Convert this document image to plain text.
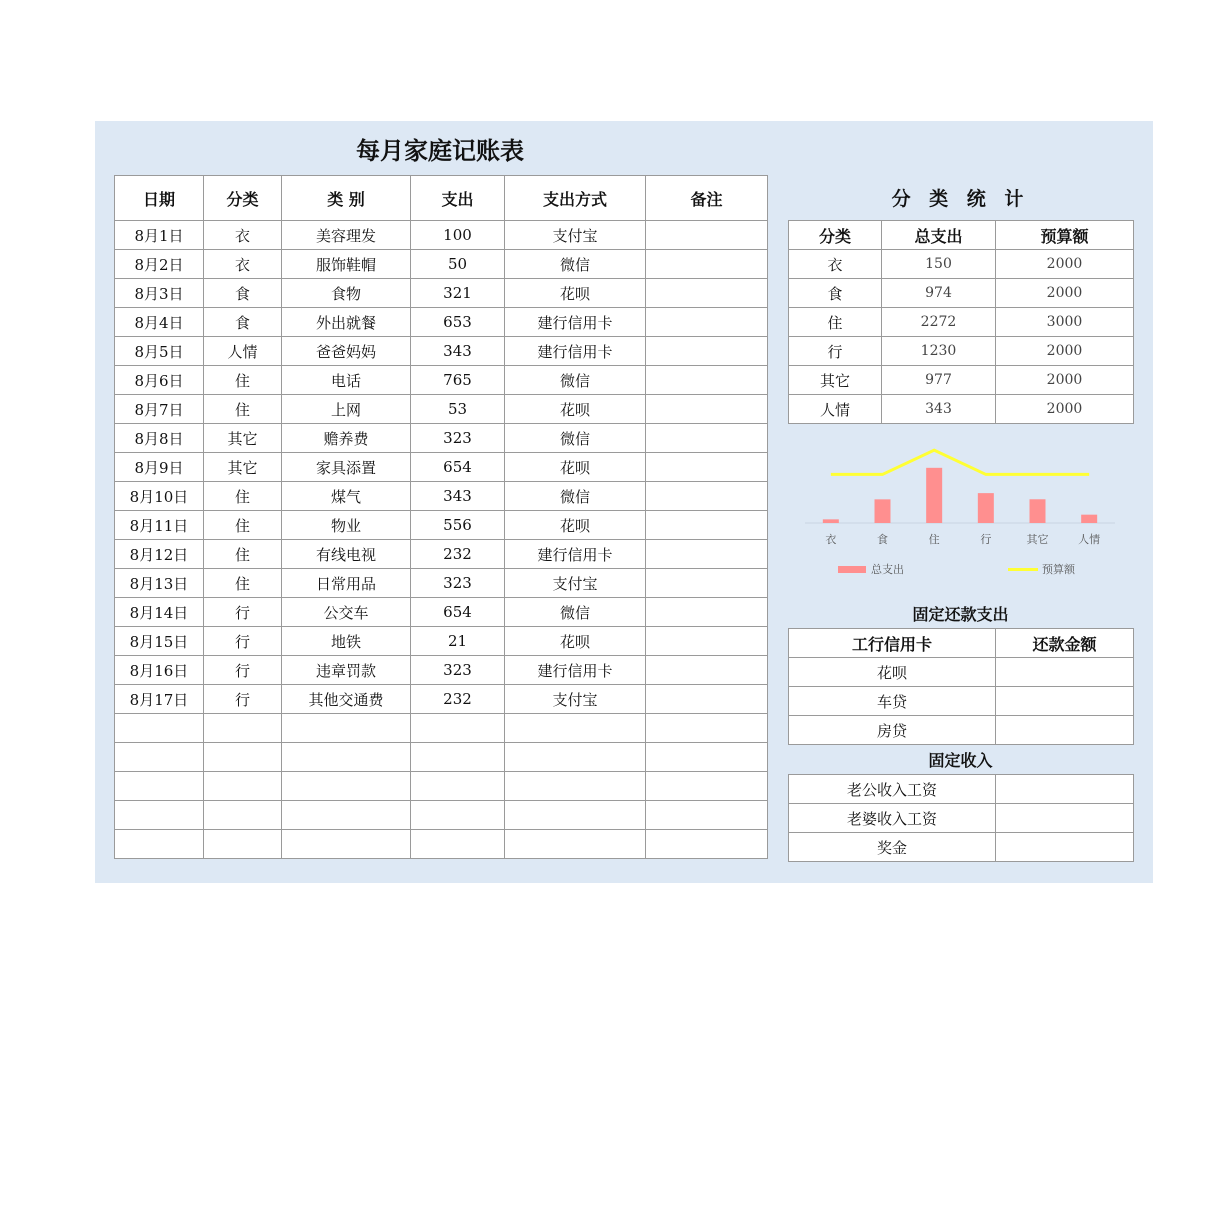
每月家庭记账表
日期	分类	类 别	支出	支出方式	备注
8月1日	衣	美容理发	100	支付宝	
8月2日	衣	服饰鞋帽	50	微信	
8月3日	食	食物	321	花呗	
8月4日	食	外出就餐	653	建行信用卡	
8月5日	人情	爸爸妈妈	343	建行信用卡	
8月6日	住	电话	765	微信	
8月7日	住	上网	53	花呗	
8月8日	其它	赡养费	323	微信	
8月9日	其它	家具添置	654	花呗	
8月10日	住	煤气	343	微信	
8月11日	住	物业	556	花呗	
8月12日	住	有线电视	232	建行信用卡	
8月13日	住	日常用品	323	支付宝	
8月14日	行	公交车	654	微信	
8月15日	行	地铁	21	花呗	
8月16日	行	违章罚款	323	建行信用卡	
8月17日	行	其他交通费	232	支付宝	

分 类 统 计
分类	总支出	预算额
衣	150	2000
食	974	2000
住	2272	3000
行	1230	2000
其它	977	2000
人情	343	2000
衣	食	住	行	其它	人情
总支出	预算额
固定还款支出
工行信用卡	还款金额
花呗	
车贷	
房贷	
固定收入
老公收入工资	
老婆收入工资	
奖金	
